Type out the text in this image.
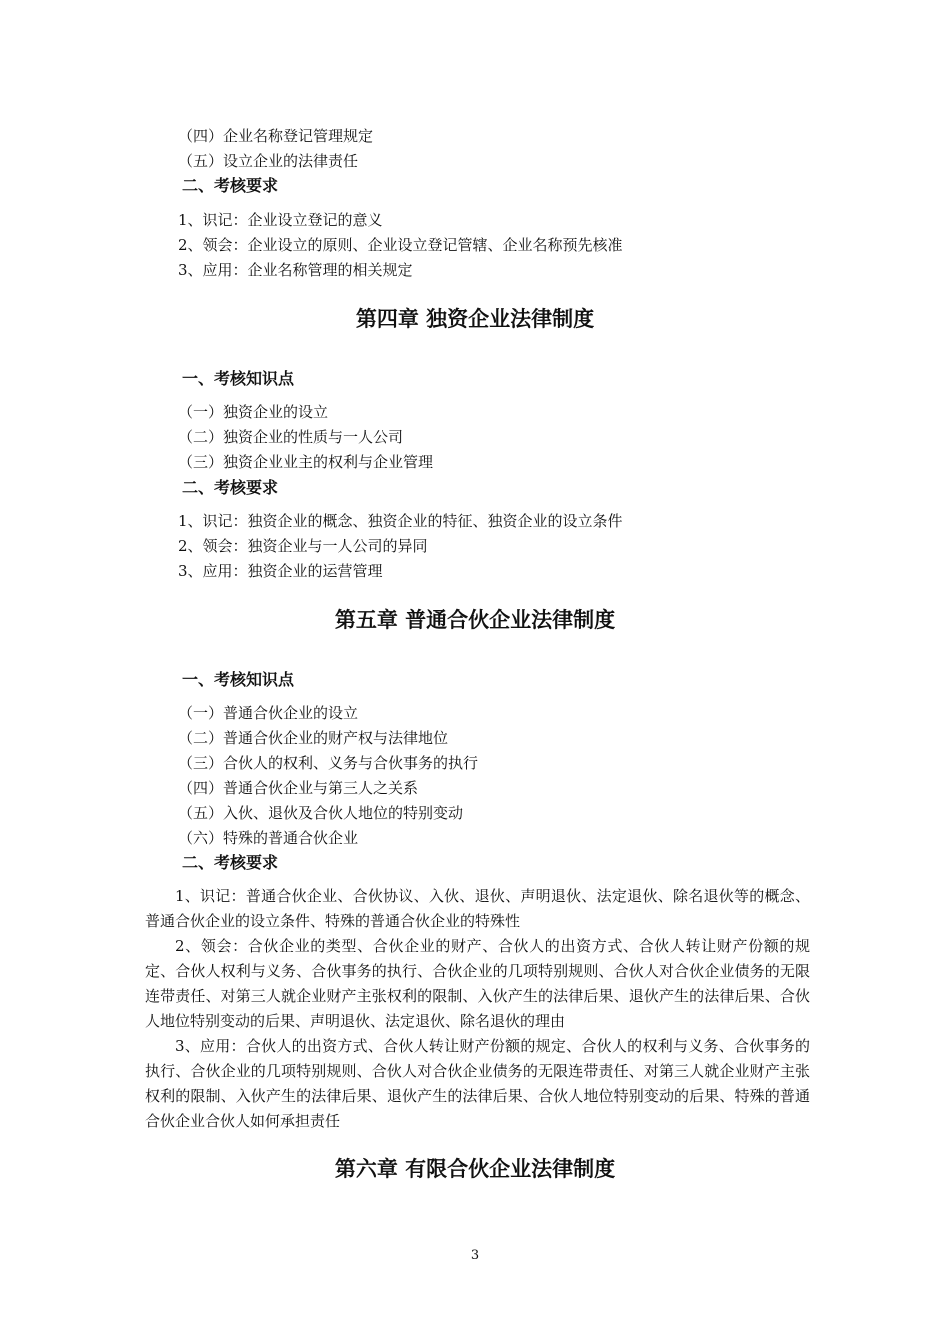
（四）企业名称登记管理规定
（五）设立企业的法律责任
二、考核要求
1、识记：企业设立登记的意义
2、领会：企业设立的原则、企业设立登记管辖、企业名称预先核准
3、应用：企业名称管理的相关规定
第四章 独资企业法律制度
一、考核知识点
（一）独资企业的设立
（二）独资企业的性质与一人公司
（三）独资企业业主的权利与企业管理
二、考核要求
1、识记：独资企业的概念、独资企业的特征、独资企业的设立条件
2、领会：独资企业与一人公司的异同
3、应用：独资企业的运营管理
第五章 普通合伙企业法律制度
一、考核知识点
（一）普通合伙企业的设立
（二）普通合伙企业的财产权与法律地位
（三）合伙人的权利、义务与合伙事务的执行
（四）普通合伙企业与第三人之关系
（五）入伙、退伙及合伙人地位的特别变动
（六）特殊的普通合伙企业
二、考核要求
1、识记：普通合伙企业、合伙协议、入伙、退伙、声明退伙、法定退伙、除名退伙等的概念、普通合伙企业的设立条件、特殊的普通合伙企业的特殊性
2、领会：合伙企业的类型、合伙企业的财产、合伙人的出资方式、合伙人转让财产份额的规定、合伙人权利与义务、合伙事务的执行、合伙企业的几项特别规则、合伙人对合伙企业债务的无限连带责任、对第三人就企业财产主张权利的限制、入伙产生的法律后果、退伙产生的法律后果、合伙人地位特别变动的后果、声明退伙、法定退伙、除名退伙的理由
3、应用：合伙人的出资方式、合伙人转让财产份额的规定、合伙人的权利与义务、合伙事务的执行、合伙企业的几项特别规则、合伙人对合伙企业债务的无限连带责任、对第三人就企业财产主张权利的限制、入伙产生的法律后果、退伙产生的法律后果、合伙人地位特别变动的后果、特殊的普通合伙企业合伙人如何承担责任
第六章 有限合伙企业法律制度
3
